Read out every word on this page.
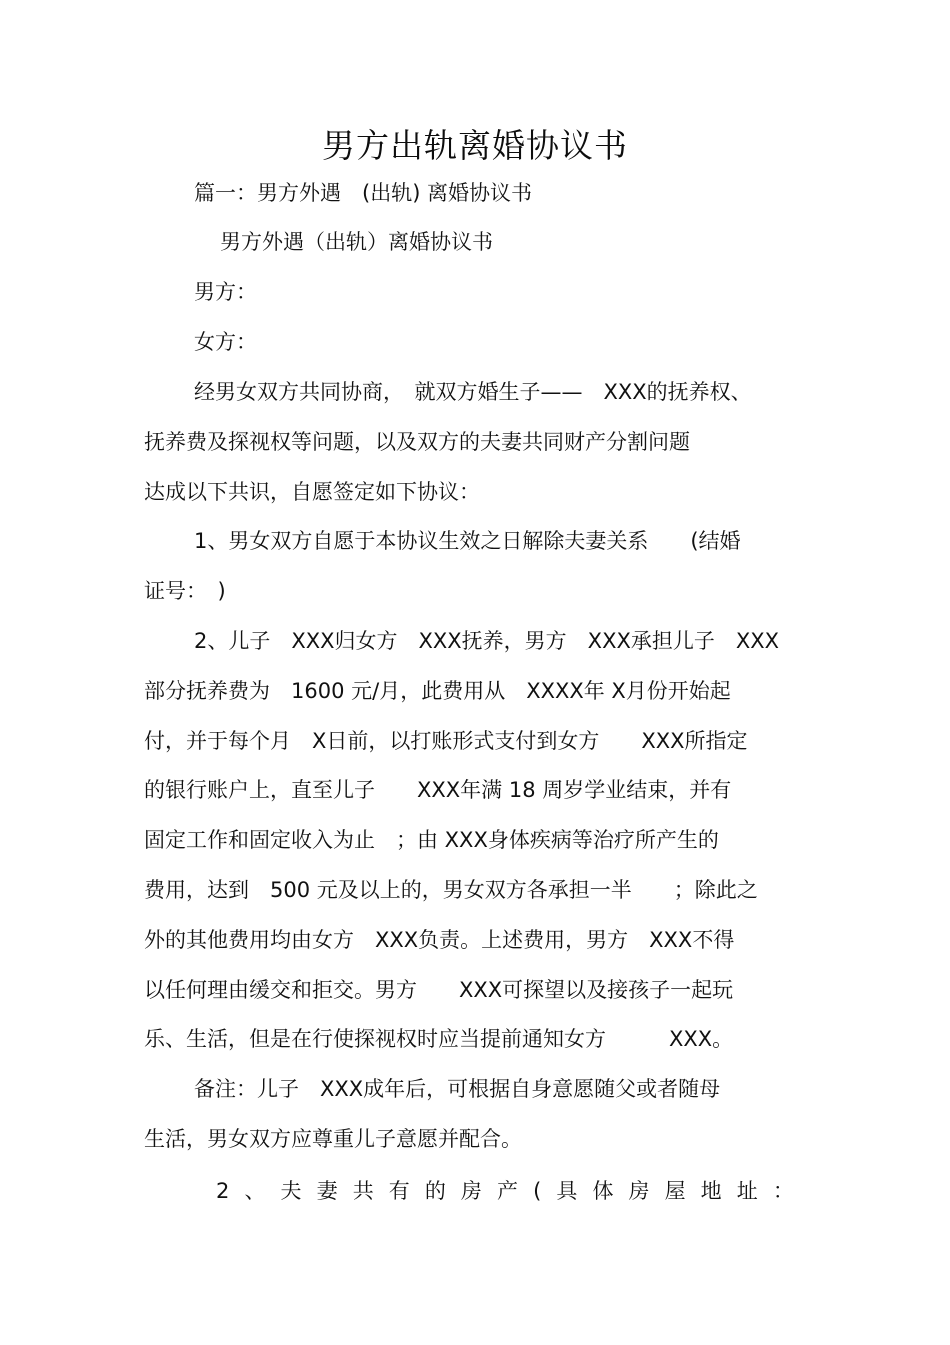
男方出轨离婚协议书
篇一：男方外遇　(出轨) 离婚协议书
男方外遇（出轨）离婚协议书
男方：
女方：
经男女双方共同协商，　就双方婚生子——　XXX的抚养权、
抚养费及探视权等问题，以及双方的夫妻共同财产分割问题
达成以下共识，自愿签定如下协议：
1、男女双方自愿于本协议生效之日解除夫妻关系　　(结婚
证号：　)
2、儿子　XXX归女方　XXX抚养，男方　XXX承担儿子　XXX
部分抚养费为　1600 元/月，此费用从　XXXX年 X月份开始起
付，并于每个月　X日前，以打账形式支付到女方　　XXX所指定
的银行账户上，直至儿子　　XXX年满 18 周岁学业结束，并有
固定工作和固定收入为止　；由 XXX身体疾病等治疗所产生的
费用，达到　500 元及以上的，男女双方各承担一半　　；除此之
外的其他费用均由女方　XXX负责。上述费用，男方　XXX不得
以任何理由缓交和拒交。男方　　XXX可探望以及接孩子一起玩
乐、生活，但是在行使探视权时应当提前通知女方　　　XXX。
备注：儿子　XXX成年后，可根据自身意愿随父或者随母
生活，男女双方应尊重儿子意愿并配合。
2 、 夫 妻 共 有 的 房 产 ( 具 体 房 屋 地 址 ：
